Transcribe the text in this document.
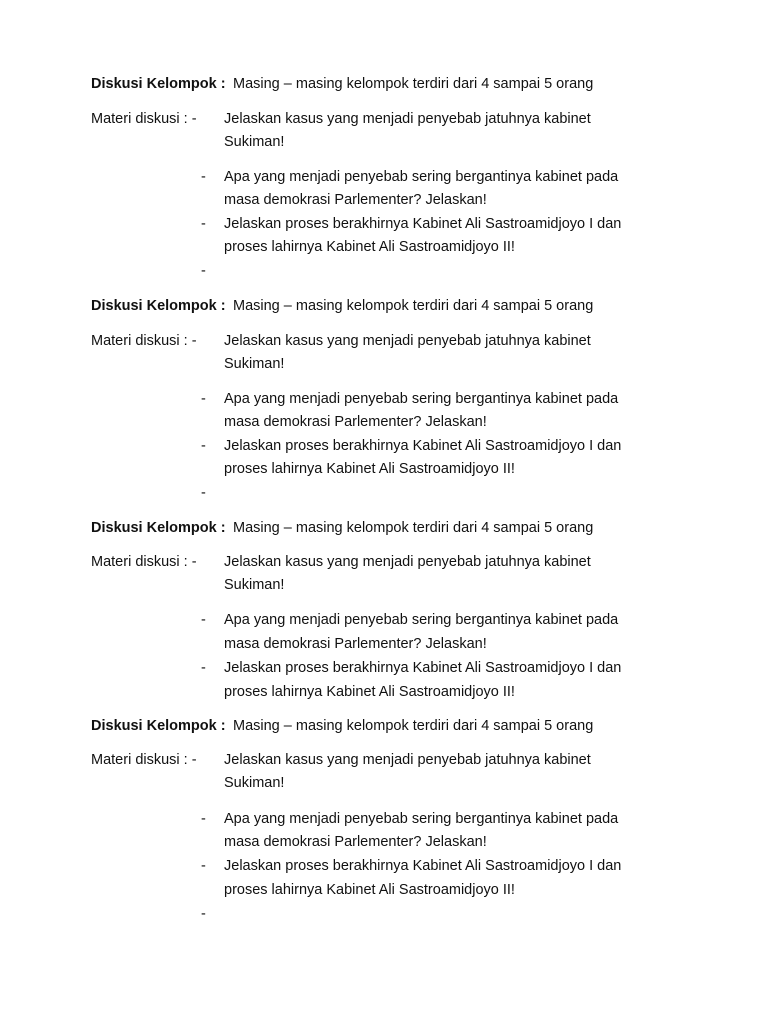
Diskusi Kelompok : Masing – masing kelompok terdiri dari 4 sampai 5 orang
Materi diskusi : - Jelaskan kasus yang menjadi penyebab jatuhnya kabinet
Sukiman!
- Apa yang menjadi penyebab sering bergantinya kabinet pada
masa demokrasi Parlementer? Jelaskan!
- Jelaskan proses berakhirnya Kabinet Ali Sastroamidjoyo I dan
proses lahirnya Kabinet Ali Sastroamidjoyo II!
-
Diskusi Kelompok : Masing – masing kelompok terdiri dari 4 sampai 5 orang
Materi diskusi : - Jelaskan kasus yang menjadi penyebab jatuhnya kabinet
Sukiman!
- Apa yang menjadi penyebab sering bergantinya kabinet pada
masa demokrasi Parlementer? Jelaskan!
- Jelaskan proses berakhirnya Kabinet Ali Sastroamidjoyo I dan
proses lahirnya Kabinet Ali Sastroamidjoyo II!
-
Diskusi Kelompok : Masing – masing kelompok terdiri dari 4 sampai 5 orang
Materi diskusi : - Jelaskan kasus yang menjadi penyebab jatuhnya kabinet
Sukiman!
- Apa yang menjadi penyebab sering bergantinya kabinet pada
masa demokrasi Parlementer? Jelaskan!
- Jelaskan proses berakhirnya Kabinet Ali Sastroamidjoyo I dan
proses lahirnya Kabinet Ali Sastroamidjoyo II!
Diskusi Kelompok : Masing – masing kelompok terdiri dari 4 sampai 5 orang
Materi diskusi : - Jelaskan kasus yang menjadi penyebab jatuhnya kabinet
Sukiman!
- Apa yang menjadi penyebab sering bergantinya kabinet pada
masa demokrasi Parlementer? Jelaskan!
- Jelaskan proses berakhirnya Kabinet Ali Sastroamidjoyo I dan
proses lahirnya Kabinet Ali Sastroamidjoyo II!
-
